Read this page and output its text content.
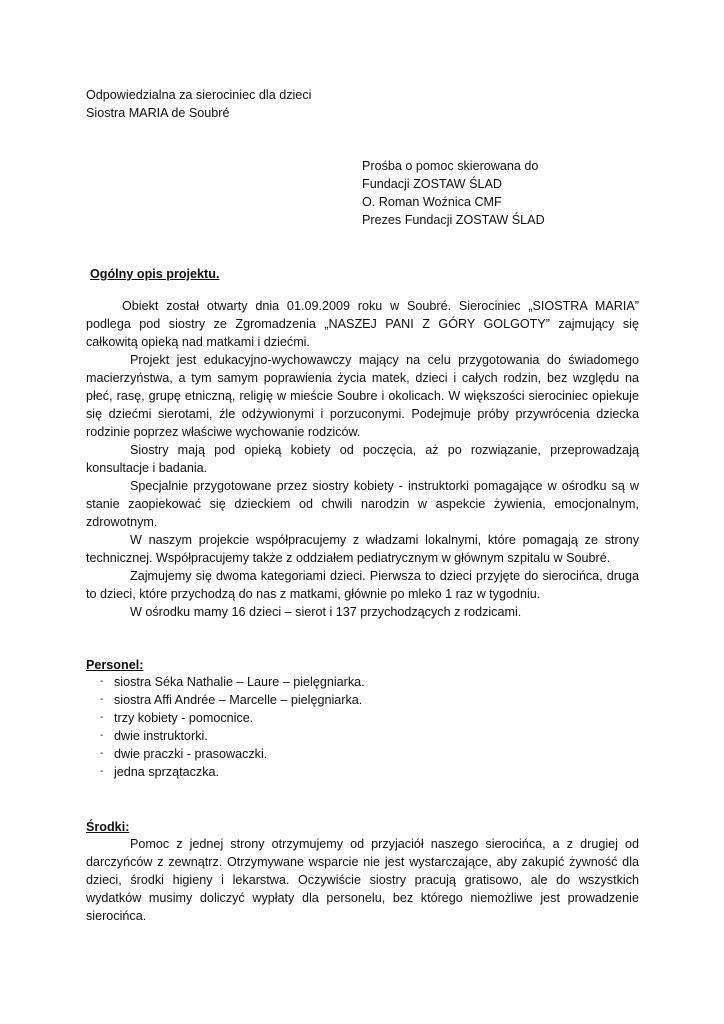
Odpowiedzialna za sierociniec dla dzieci
Siostra MARIA de Soubré
Prośba o pomoc skierowana do
Fundacji ZOSTAW ŚLAD
O. Roman Woźnica CMF
Prezes Fundacji ZOSTAW ŚLAD
Ogólny opis projektu.

Obiekt został otwarty dnia 01.09.2009 roku w Soubré. Sierociniec „SIOSTRA MARIA” podlega pod siostry ze Zgromadzenia „NASZEJ PANI Z GÓRY GOLGOTY” zajmujący się całkowitą opieką nad matkami i dziećmi.

Projekt jest edukacyjno-wychowawczy mający na celu przygotowania do świadomego macierzyństwa, a tym samym poprawienia życia matek, dzieci i całych rodzin, bez względu na płeć, rasę, grupę etniczną, religię w mieście Soubre i okolicach. W większości sierociniec opiekuje się dziećmi sierotami, źle odżywionymi i porzuconymi. Podejmuje próby przywrócenia dziecka rodzinie poprzez właściwe wychowanie rodziców.

Siostry mają pod opieką kobiety od poczęcia, aż po rozwiązanie, przeprowadzają konsultacje i badania.

Specjalnie przygotowane przez siostry kobiety - instruktorki pomagające w ośrodku są w stanie zaopiekować się dzieckiem od chwili narodzin w aspekcie żywienia, emocjonalnym, zdrowotnym.

W naszym projekcie współpracujemy z władzami lokalnymi, które pomagają ze strony technicznej. Współpracujemy także z oddziałem pediatrycznym w głównym szpitalu w Soubré.

Zajmujemy się dwoma kategoriami dzieci. Pierwsza to dzieci przyjęte do sierocińca, druga to dzieci, które przychodzą do nas z matkami, głównie po mleko 1 raz w tygodniu.

W ośrodku mamy 16 dzieci – sierot i 137 przychodzących z rodzicami.

Personel:
- siostra Séka Nathalie – Laure – pielęgniarka.
- siostra Affi Andrée – Marcelle – pielęgniarka.
- trzy kobiety - pomocnice.
- dwie instruktorki.
- dwie praczki - prasowaczki.
- jedna sprzątaczka.
Środki:

Pomoc z jednej strony otrzymujemy od przyjaciół naszego sierocińca, a z drugiej od darczyńców z zewnątrz. Otrzymywane wsparcie nie jest wystarczające, aby zakupić żywność dla dzieci, środki higieny i lekarstwa. Oczywiście siostry pracują gratisowo, ale do wszystkich wydatków musimy doliczyć wypłaty dla personelu, bez którego niemożliwe jest prowadzenie sierocińca.
